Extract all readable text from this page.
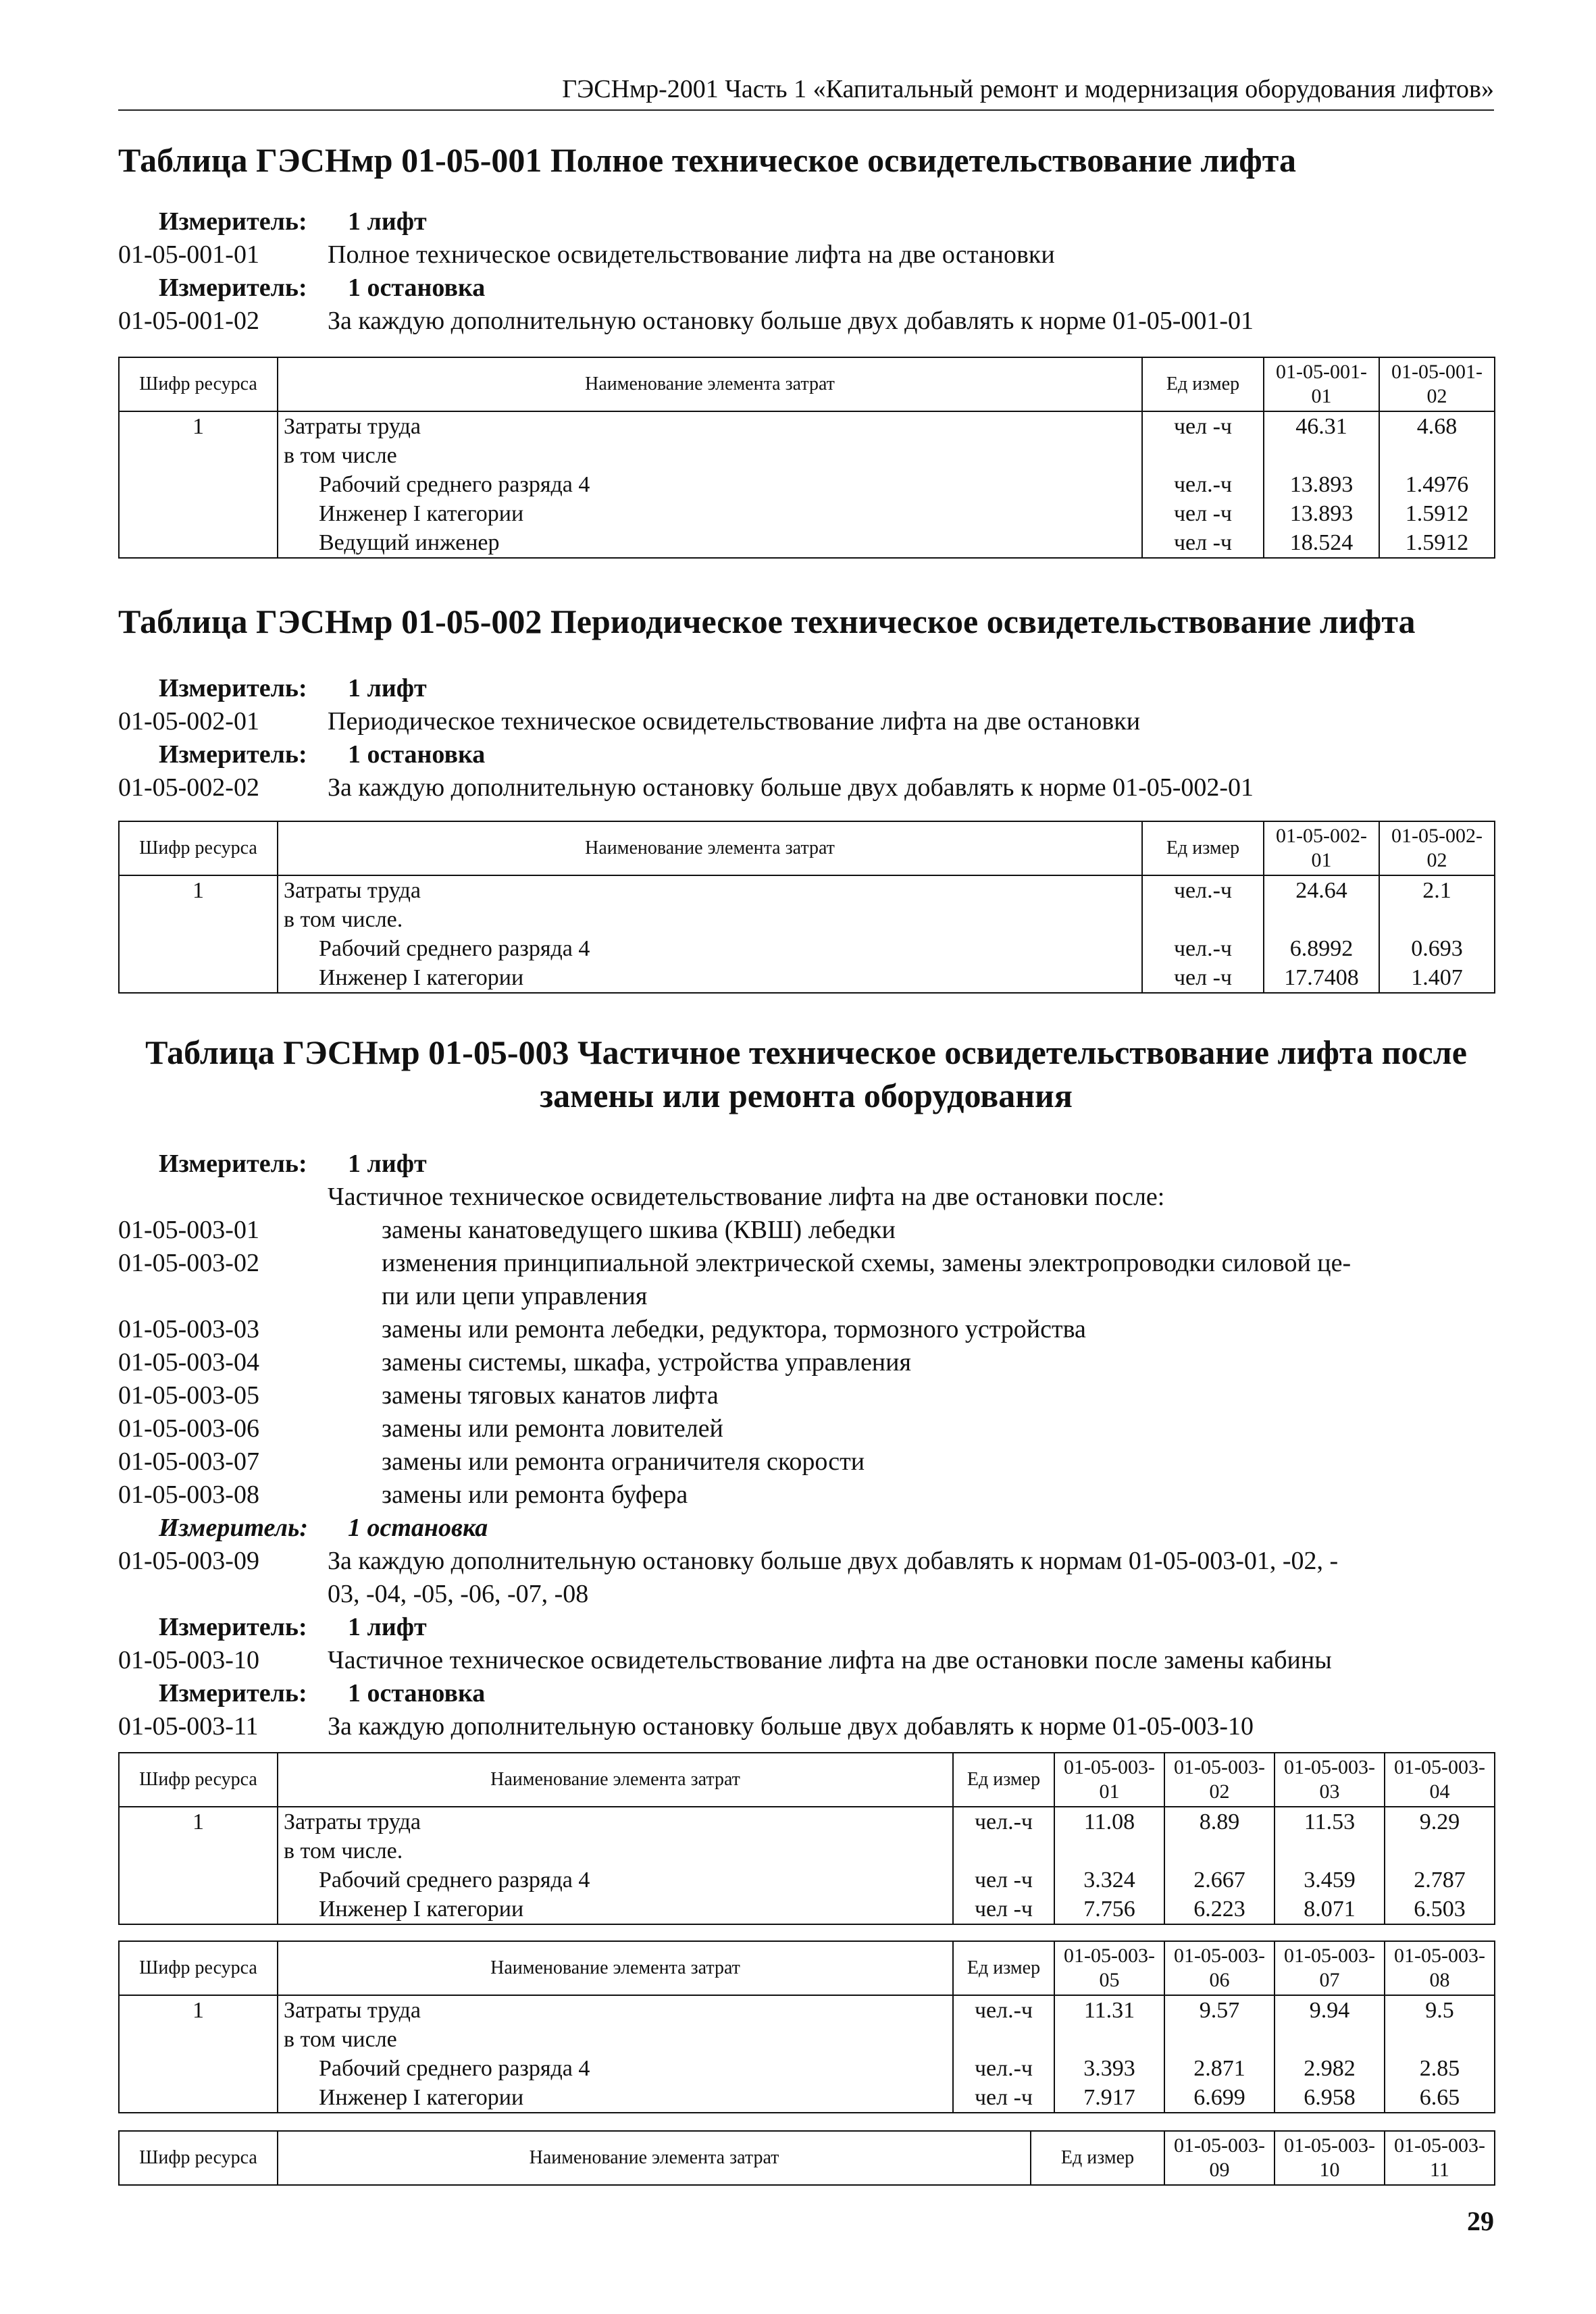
ГЭСНмр-2001 Часть 1 «Капитальный ремонт и модернизация оборудования лифтов»
Таблица ГЭСНмр 01-05-001 Полное техническое освидетельствование лифта
Измеритель: 1 лифт
01-05-001-01	Полное техническое освидетельствование лифта на две остановки
Измеритель: 1 остановка
01-05-001-02	За каждую дополнительную остановку больше двух добавлять к норме 01-05-001-01
Шифр ресурса	Наименование элемента затрат	Ед измер	01-05-001-01	01-05-001-02
1	Затраты труда	чел -ч	46.31	4.68
	в том числе			
	Рабочий среднего разряда 4	чел.-ч	13.893	1.4976
	Инженер I категории	чел -ч	13.893	1.5912
	Ведущий инженер	чел -ч	18.524	1.5912
Таблица ГЭСНмр 01-05-002 Периодическое техническое освидетельствование лифта
Измеритель: 1 лифт
01-05-002-01	Периодическое техническое освидетельствование лифта на две остановки
Измеритель: 1 остановка
01-05-002-02	За каждую дополнительную остановку больше двух добавлять к норме 01-05-002-01
Шифр ресурса	Наименование элемента затрат	Ед измер	01-05-002-01	01-05-002-02
1	Затраты труда	чел.-ч	24.64	2.1
	в том числе.			
	Рабочий среднего разряда 4	чел.-ч	6.8992	0.693
	Инженер I категории	чел -ч	17.7408	1.407
Таблица ГЭСНмр 01-05-003 Частичное техническое освидетельствование лифта после
замены или ремонта оборудования
Измеритель: 1 лифт
Частичное техническое освидетельствование лифта на две остановки после:
01-05-003-01	замены канатоведущего шкива (КВШ) лебедки
01-05-003-02	изменения принципиальной электрической схемы, замены электропроводки силовой це-
пи или цепи управления
01-05-003-03	замены или ремонта лебедки, редуктора, тормозного устройства
01-05-003-04	замены системы, шкафа, устройства управления
01-05-003-05	замены тяговых канатов лифта
01-05-003-06	замены или ремонта ловителей
01-05-003-07	замены или ремонта ограничителя скорости
01-05-003-08	замены или ремонта буфера
Измеритель: 1 остановка
01-05-003-09	За каждую дополнительную остановку больше двух добавлять к нормам 01-05-003-01, -02, -
03, -04, -05, -06, -07, -08
Измеритель: 1 лифт
01-05-003-10	Частичное техническое освидетельствование лифта на две остановки после замены кабины
Измеритель: 1 остановка
01-05-003-11	За каждую дополнительную остановку больше двух добавлять к норме 01-05-003-10
Шифр ресурса	Наименование элемента затрат	Ед измер	01-05-003-01	01-05-003-02	01-05-003-03	01-05-003-04
1	Затраты труда	чел.-ч	11.08	8.89	11.53	9.29
	в том числе.					
	Рабочий среднего разряда 4	чел -ч	3.324	2.667	3.459	2.787
	Инженер I категории	чел -ч	7.756	6.223	8.071	6.503
Шифр ресурса	Наименование элемента затрат	Ед измер	01-05-003-05	01-05-003-06	01-05-003-07	01-05-003-08
1	Затраты труда	чел.-ч	11.31	9.57	9.94	9.5
	в том числе					
	Рабочий среднего разряда 4	чел.-ч	3.393	2.871	2.982	2.85
	Инженер I категории	чел -ч	7.917	6.699	6.958	6.65
Шифр ресурса	Наименование элемента затрат	Ед измер	01-05-003-09	01-05-003-10	01-05-003-11
29
